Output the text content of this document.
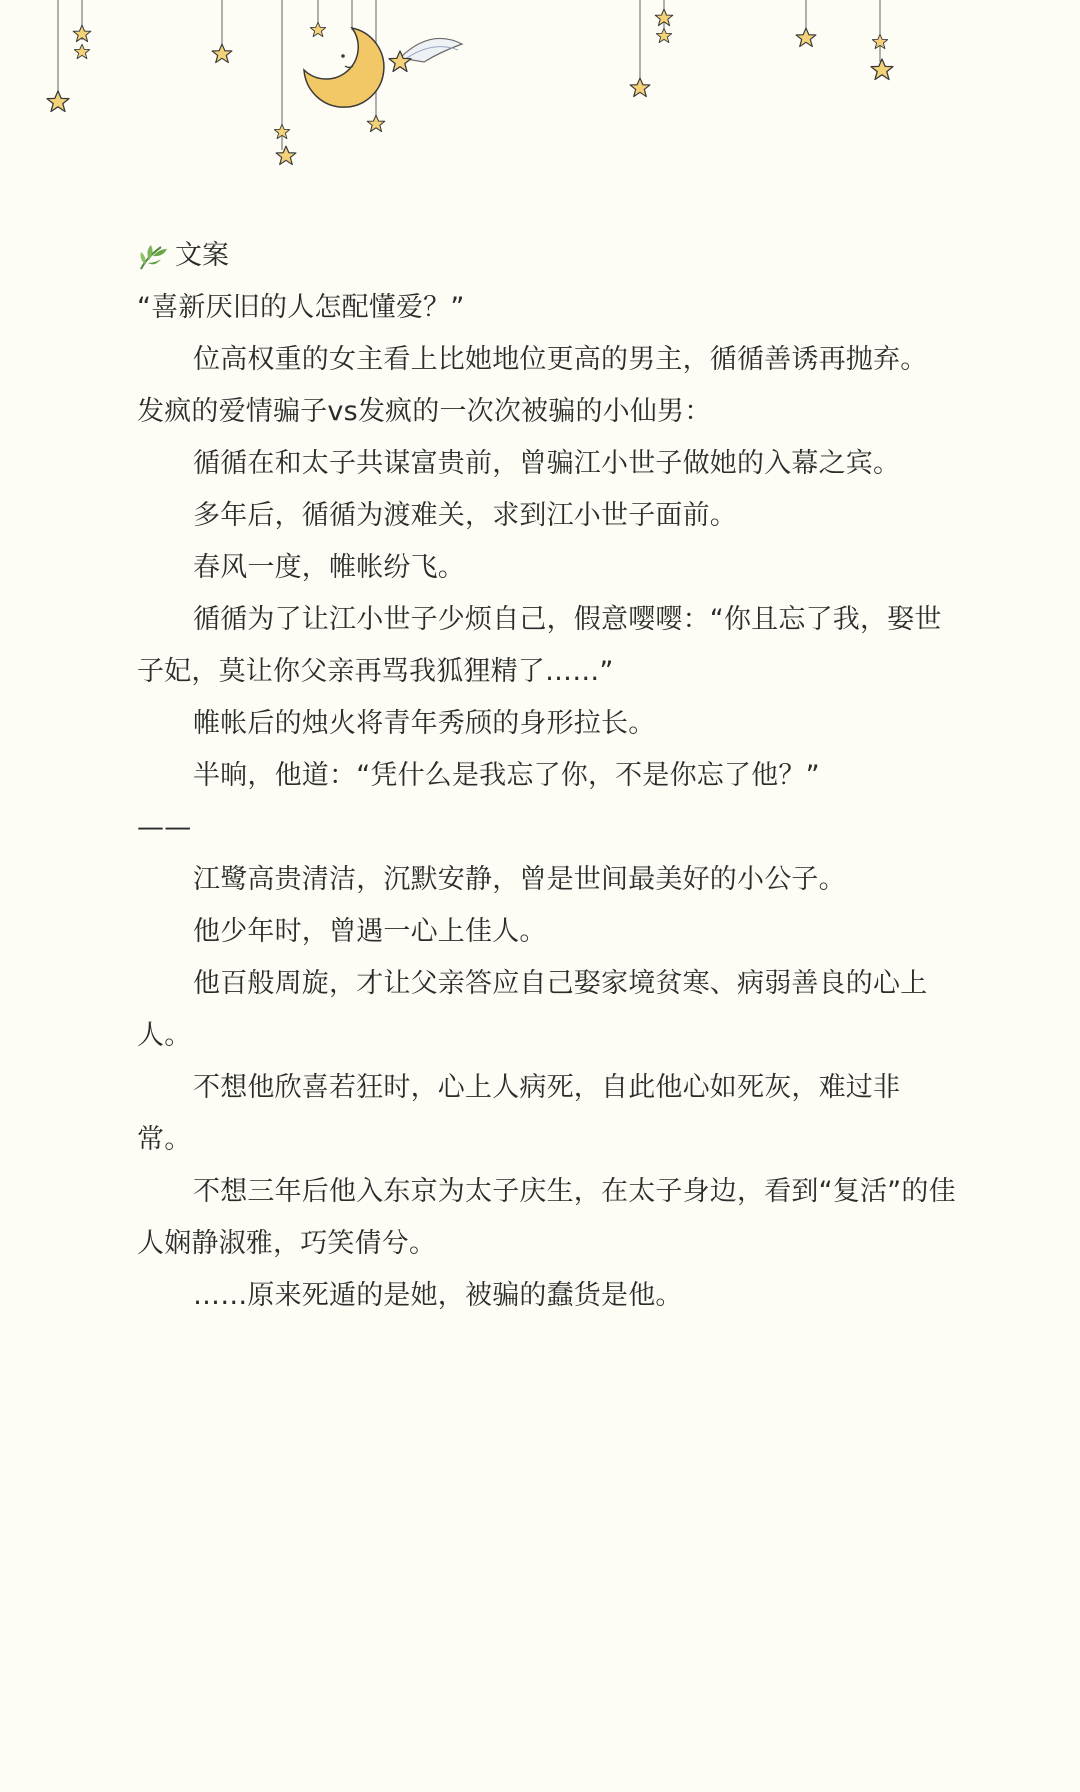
文案

“喜新厌旧的人怎配懂爱？”

位高权重的女主看上比她地位更高的男主，循循善诱再抛弃。

发疯的爱情骗子vs发疯的一次次被骗的小仙男：

循循在和太子共谋富贵前，曾骗江小世子做她的入幕之宾。

多年后，循循为渡难关，求到江小世子面前。

春风一度，帷帐纷飞。

循循为了让江小世子少烦自己，假意嘤嘤：“你且忘了我，娶世
子妃，莫让你父亲再骂我狐狸精了……”

帷帐后的烛火将青年秀颀的身形拉长。

半晌，他道：“凭什么是我忘了你，不是你忘了他？”

——

江鹭高贵清洁，沉默安静，曾是世间最美好的小公子。

他少年时，曾遇一心上佳人。

他百般周旋，才让父亲答应自己娶家境贫寒、病弱善良的心上
人。
不想他欣喜若狂时，心上人病死，自此他心如死灰，难过非
常。
不想三年后他入东京为太子庆生，在太子身边，看到“复活”的佳
人娴静淑雅，巧笑倩兮。

……原来死遁的是她，被骗的蠢货是他。
